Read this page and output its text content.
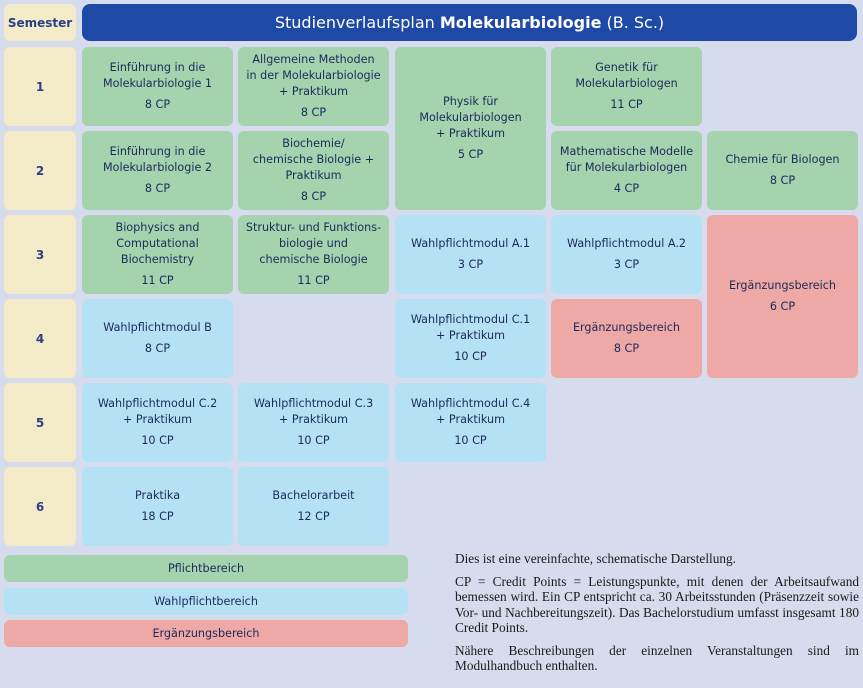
Semester	Studienverlaufsplan Molekularbiologie (B. Sc.)
1
2
3
4
5
6
Einführung in die
Molekularbiologie 1
8 CP
Allgemeine Methoden
in der Molekularbiologie
+ Praktikum
8 CP
Physik für
Molekularbiologen
+ Praktikum
5 CP
Genetik für
Molekularbiologen
11 CP
Einführung in die
Molekularbiologie 2
8 CP
Biochemie/
chemische Biologie +
Praktikum
8 CP
Mathematische Modelle
für Molekularbiologen
4 CP
Chemie für Biologen
8 CP
Biophysics and
Computational
Biochemistry
11 CP
Struktur- und Funktions-
biologie und
chemische Biologie
11 CP
Wahlpflichtmodul A.1
3 CP
Wahlpflichtmodul A.2
3 CP
Ergänzungsbereich
6 CP
Wahlpflichtmodul B
8 CP
Wahlpflichtmodul C.1
+ Praktikum
10 CP
Ergänzungsbereich
8 CP
Wahlpflichtmodul C.2
+ Praktikum
10 CP
Wahlpflichtmodul C.3
+ Praktikum
10 CP
Wahlpflichtmodul C.4
+ Praktikum
10 CP
Praktika
18 CP
Bachelorarbeit
12 CP
Pflichtbereich
Wahlpflichtbereich
Ergänzungsbereich

Dies ist eine vereinfachte, schematische Darstellung.

CP = Credit Points = Leistungspunkte, mit denen der Arbeitsaufwand bemessen wird. Ein CP entspricht ca. 30 Arbeitsstunden (Präsenzzeit sowie Vor- und Nachbereitungszeit). Das Bachelorstudium umfasst insgesamt 180 Credit Points.

Nähere Beschreibungen der einzelnen Veranstaltungen sind im Modulhandbuch enthalten.
